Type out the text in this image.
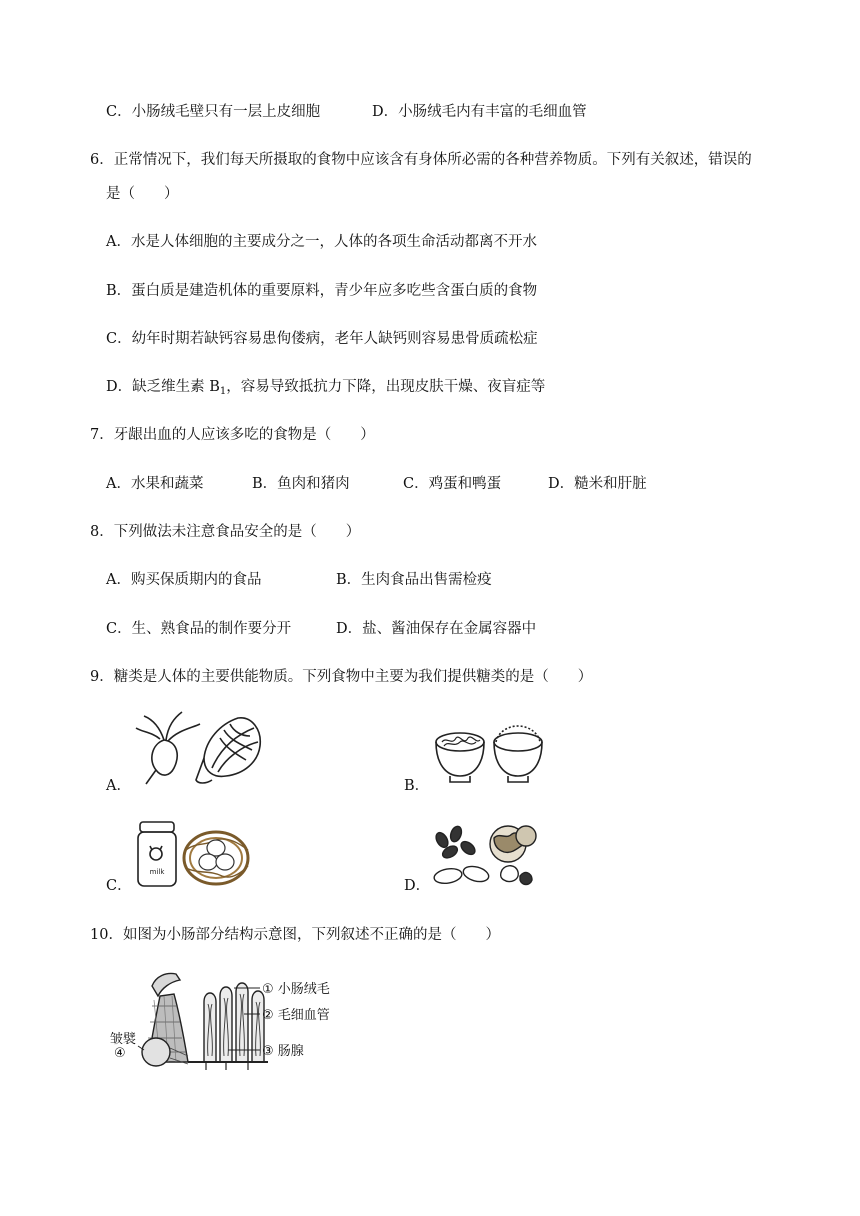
C．小肠绒毛壁只有一层上皮细胞	D．小肠绒毛内有丰富的毛细血管
6．正常情况下，我们每天所摄取的食物中应该含有身体所必需的各种营养物质。下列有关叙述，错误的
是（　　）
A．水是人体细胞的主要成分之一，人体的各项生命活动都离不开水
B．蛋白质是建造机体的重要原料，青少年应多吃些含蛋白质的食物
C．幼年时期若缺钙容易患佝偻病，老年人缺钙则容易患骨质疏松症
D．缺乏维生素 $B_1$，容易导致抵抗力下降，出现皮肤干燥、夜盲症等
7．牙龈出血的人应该多吃的食物是（　　）
A．水果和蔬菜	B．鱼肉和猪肉	C．鸡蛋和鸭蛋	D．糙米和肝脏
8．下列做法未注意食品安全的是（　　）
A．购买保质期内的食品	B．生肉食品出售需检疫
C．生、熟食品的制作要分开	D．盐、酱油保存在金属容器中
9．糖类是人体的主要供能物质。下列食物中主要为我们提供糖类的是（　　）
A．	B．
C．
milk
D．
10．如图为小肠部分结构示意图，下列叙述不正确的是（　　）
① 小肠绒毛
② 毛细血管
③ 肠腺
皱襞
④
